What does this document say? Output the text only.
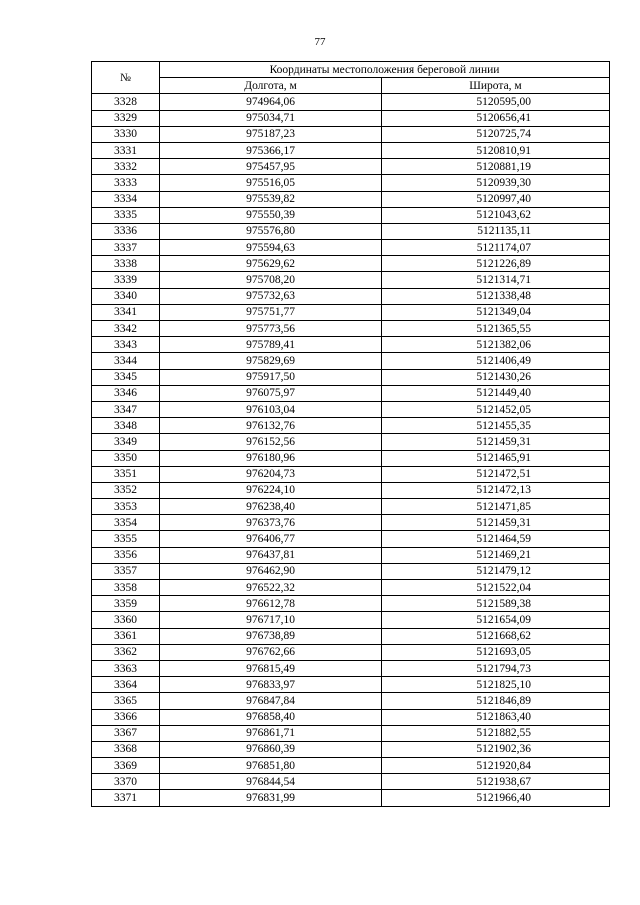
77
№	Координаты местоположения береговой линии	
	Долгота, м	Широта, м
3328	974964,06	5120595,00
3329	975034,71	5120656,41
3330	975187,23	5120725,74
3331	975366,17	5120810,91
3332	975457,95	5120881,19
3333	975516,05	5120939,30
3334	975539,82	5120997,40
3335	975550,39	5121043,62
3336	975576,80	5121135,11
3337	975594,63	5121174,07
3338	975629,62	5121226,89
3339	975708,20	5121314,71
3340	975732,63	5121338,48
3341	975751,77	5121349,04
3342	975773,56	5121365,55
3343	975789,41	5121382,06
3344	975829,69	5121406,49
3345	975917,50	5121430,26
3346	976075,97	5121449,40
3347	976103,04	5121452,05
3348	976132,76	5121455,35
3349	976152,56	5121459,31
3350	976180,96	5121465,91
3351	976204,73	5121472,51
3352	976224,10	5121472,13
3353	976238,40	5121471,85
3354	976373,76	5121459,31
3355	976406,77	5121464,59
3356	976437,81	5121469,21
3357	976462,90	5121479,12
3358	976522,32	5121522,04
3359	976612,78	5121589,38
3360	976717,10	5121654,09
3361	976738,89	5121668,62
3362	976762,66	5121693,05
3363	976815,49	5121794,73
3364	976833,97	5121825,10
3365	976847,84	5121846,89
3366	976858,40	5121863,40
3367	976861,71	5121882,55
3368	976860,39	5121902,36
3369	976851,80	5121920,84
3370	976844,54	5121938,67
3371	976831,99	5121966,40
